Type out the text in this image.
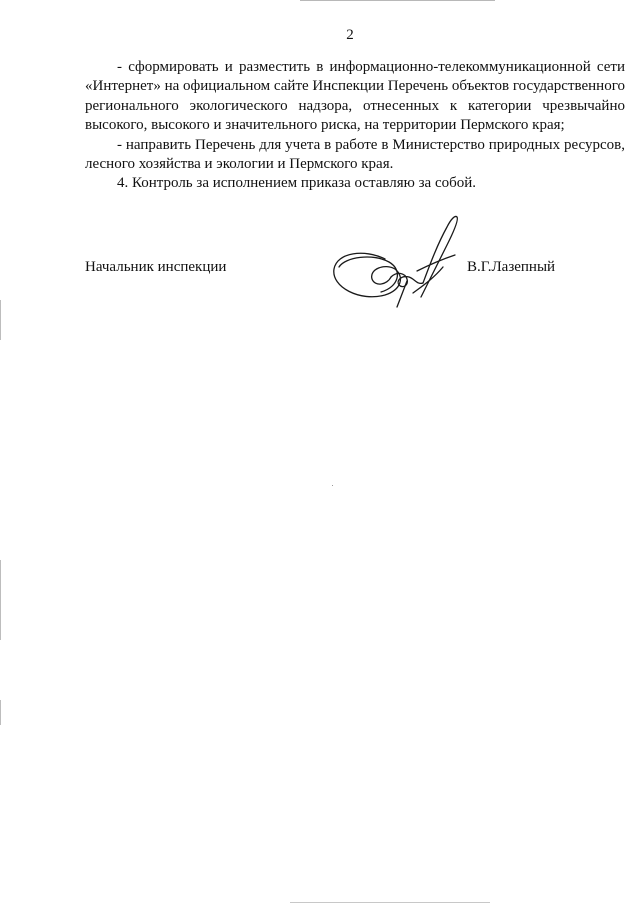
2

- сформировать и разместить в информационно-телекоммуникационной сети «Интернет» на официальном сайте Инспекции Перечень объектов государственного регионального экологического надзора, отнесенных к категории чрезвычайно высокого, высокого и значительного риска, на территории Пермского края;

- направить Перечень для учета в работе в Министерство природных ресурсов, лесного хозяйства и экологии и Пермского края.

4. Контроль за исполнением приказа оставляю за собой.

Начальник инспекции	В.Г.Лазепный
